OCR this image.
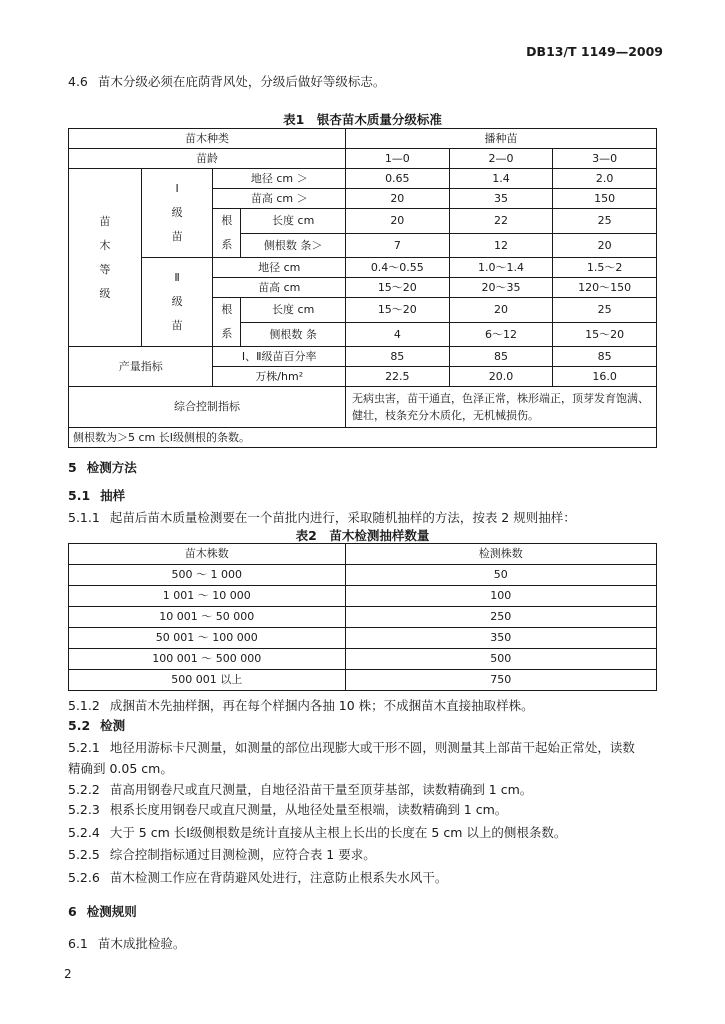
DB13/T 1149—2009
4.6 苗木分级必须在庇荫背风处，分级后做好等级标志。
表1　银杏苗木质量分级标准
苗木种类				播种苗		
苗龄				1—0	2—0	3—0

苗木等级	Ⅰ级苗	地径 cm ＞		0.65	1.4	2.0
		苗高 cm ＞		20	35	150

		根系	长度 cm	20	22	25
			侧根数 条＞	7	12	20

	Ⅱ级苗	地径 cm		0.4～0.55	1.0～1.4	1.5～2
		苗高 cm		15～20	20～35	120～150

		根系	长度 cm	15～20	20	25
			侧根数 条	4	6～12	15～20
产量指标		Ⅰ、Ⅱ级苗百分率		85	85	85
		万株/hm²		22.5	20.0	16.0
综合控制指标				无病虫害，苗干通直，色泽正常，株形端正，顶芽发育饱满、健壮，枝条充分木质化，无机械损伤。		
侧根数为＞5 cm 长Ⅰ级侧根的条数。						
5 检测方法
5.1 抽样
5.1.1 起苗后苗木质量检测要在一个苗批内进行，采取随机抽样的方法，按表 2 规则抽样：
表2　苗木检测抽样数量
苗木株数	检测株数
500 ～ 1 000	50
1 001 ～ 10 000	100
10 001 ～ 50 000	250
50 001 ～ 100 000	350
100 001 ～ 500 000	500
500 001 以上	750
5.1.2 成捆苗木先抽样捆，再在每个样捆内各抽 10 株；不成捆苗木直接抽取样株。
5.2 检测
5.2.1 地径用游标卡尺测量，如测量的部位出现膨大或干形不圆，则测量其上部苗干起始正常处，读数
精确到 0.05 cm。
5.2.2 苗高用钢卷尺或直尺测量，自地径沿苗干量至顶芽基部，读数精确到 1 cm。
5.2.3 根系长度用钢卷尺或直尺测量，从地径处量至根端，读数精确到 1 cm。
5.2.4 大于 5 cm 长Ⅰ级侧根数是统计直接从主根上长出的长度在 5 cm 以上的侧根条数。
5.2.5 综合控制指标通过目测检测，应符合表 1 要求。
5.2.6 苗木检测工作应在背荫避风处进行，注意防止根系失水风干。
6 检测规则
6.1 苗木成批检验。
2
